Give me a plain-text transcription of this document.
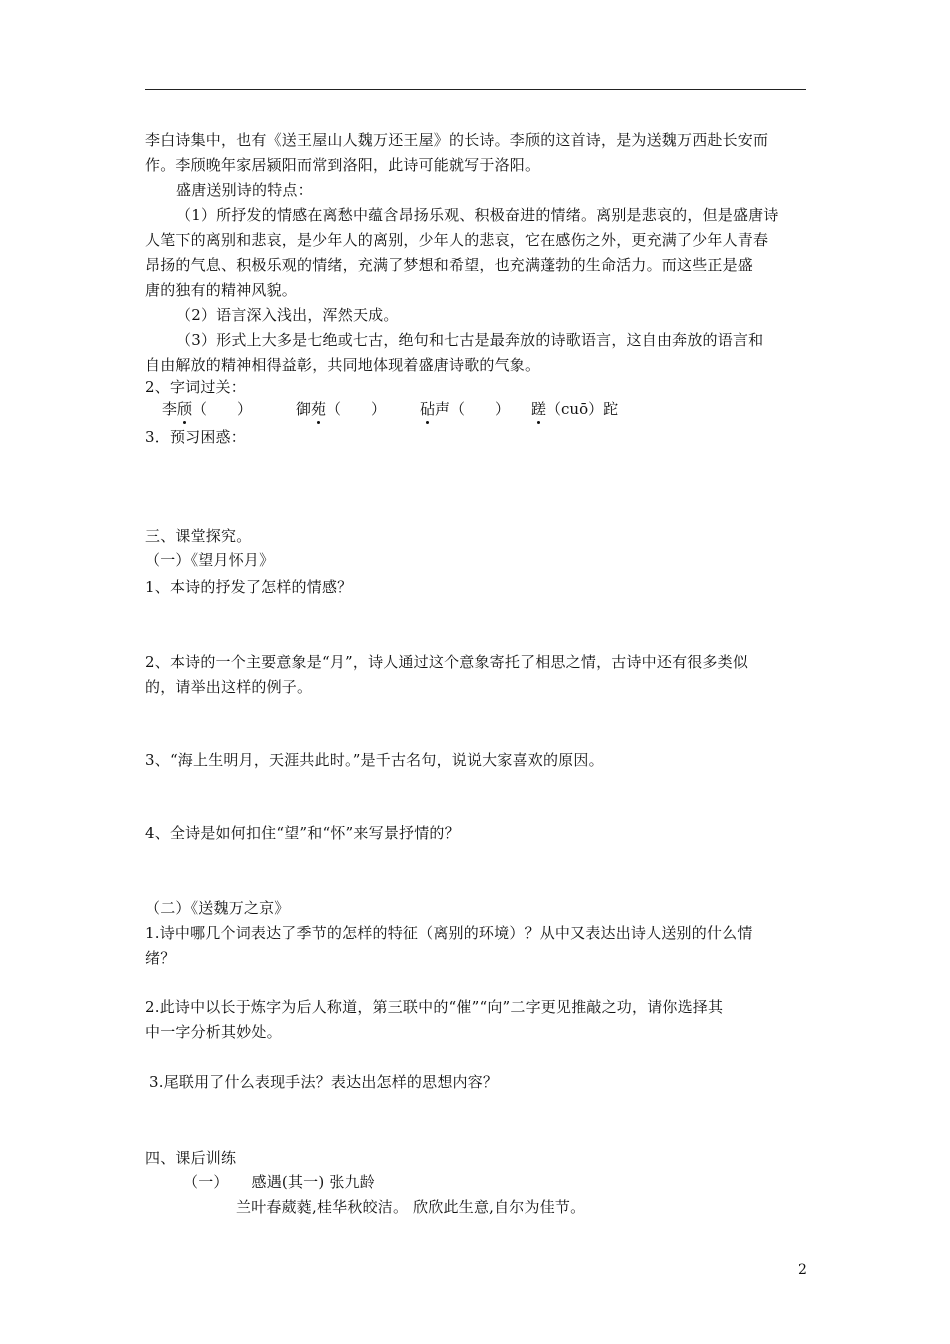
李白诗集中，也有《送王屋山人魏万还王屋》的长诗。李颀的这首诗，是为送魏万西赴长安而
作。李颀晚年家居颍阳而常到洛阳，此诗可能就写于洛阳。
盛唐送别诗的特点：
（1）所抒发的情感在离愁中蕴含昂扬乐观、积极奋进的情绪。离别是悲哀的，但是盛唐诗
人笔下的离别和悲哀，是少年人的离别，少年人的悲哀，它在感伤之外，更充满了少年人青春
昂扬的气息、积极乐观的情绪，充满了梦想和希望，也充满蓬勃的生命活力。而这些正是盛
唐的独有的精神风貌。
（2）语言深入浅出，浑然天成。
（3）形式上大多是七绝或七古，绝句和七古是最奔放的诗歌语言，这自由奔放的语言和
自由解放的精神相得益彰，共同地体现着盛唐诗歌的气象。
2、字词过关：
李颀（　　）	御苑（　　） 砧声（　　） 蹉（cuō）跎
3．预习困惑：
三、课堂探究。
（一）《望月怀月》
1、本诗的抒发了怎样的情感？
2、本诗的一个主要意象是“月”，诗人通过这个意象寄托了相思之情，古诗中还有很多类似
的，请举出这样的例子。
3、“海上生明月，天涯共此时。”是千古名句，说说大家喜欢的原因。
4、全诗是如何扣住“望”和“怀”来写景抒情的？
（二）《送魏万之京》
1.诗中哪几个词表达了季节的怎样的特征（离别的环境）？从中又表达出诗人送别的什么情
绪？
2.此诗中以长于炼字为后人称道，第三联中的“催”“向”二字更见推敲之功，请你选择其
中一字分析其妙处。
3.尾联用了什么表现手法？表达出怎样的思想内容？
四、课后训练
（一）　　感遇(其一) 张九龄
兰叶春葳蕤,桂华秋皎洁。 欣欣此生意,自尔为佳节。
2
